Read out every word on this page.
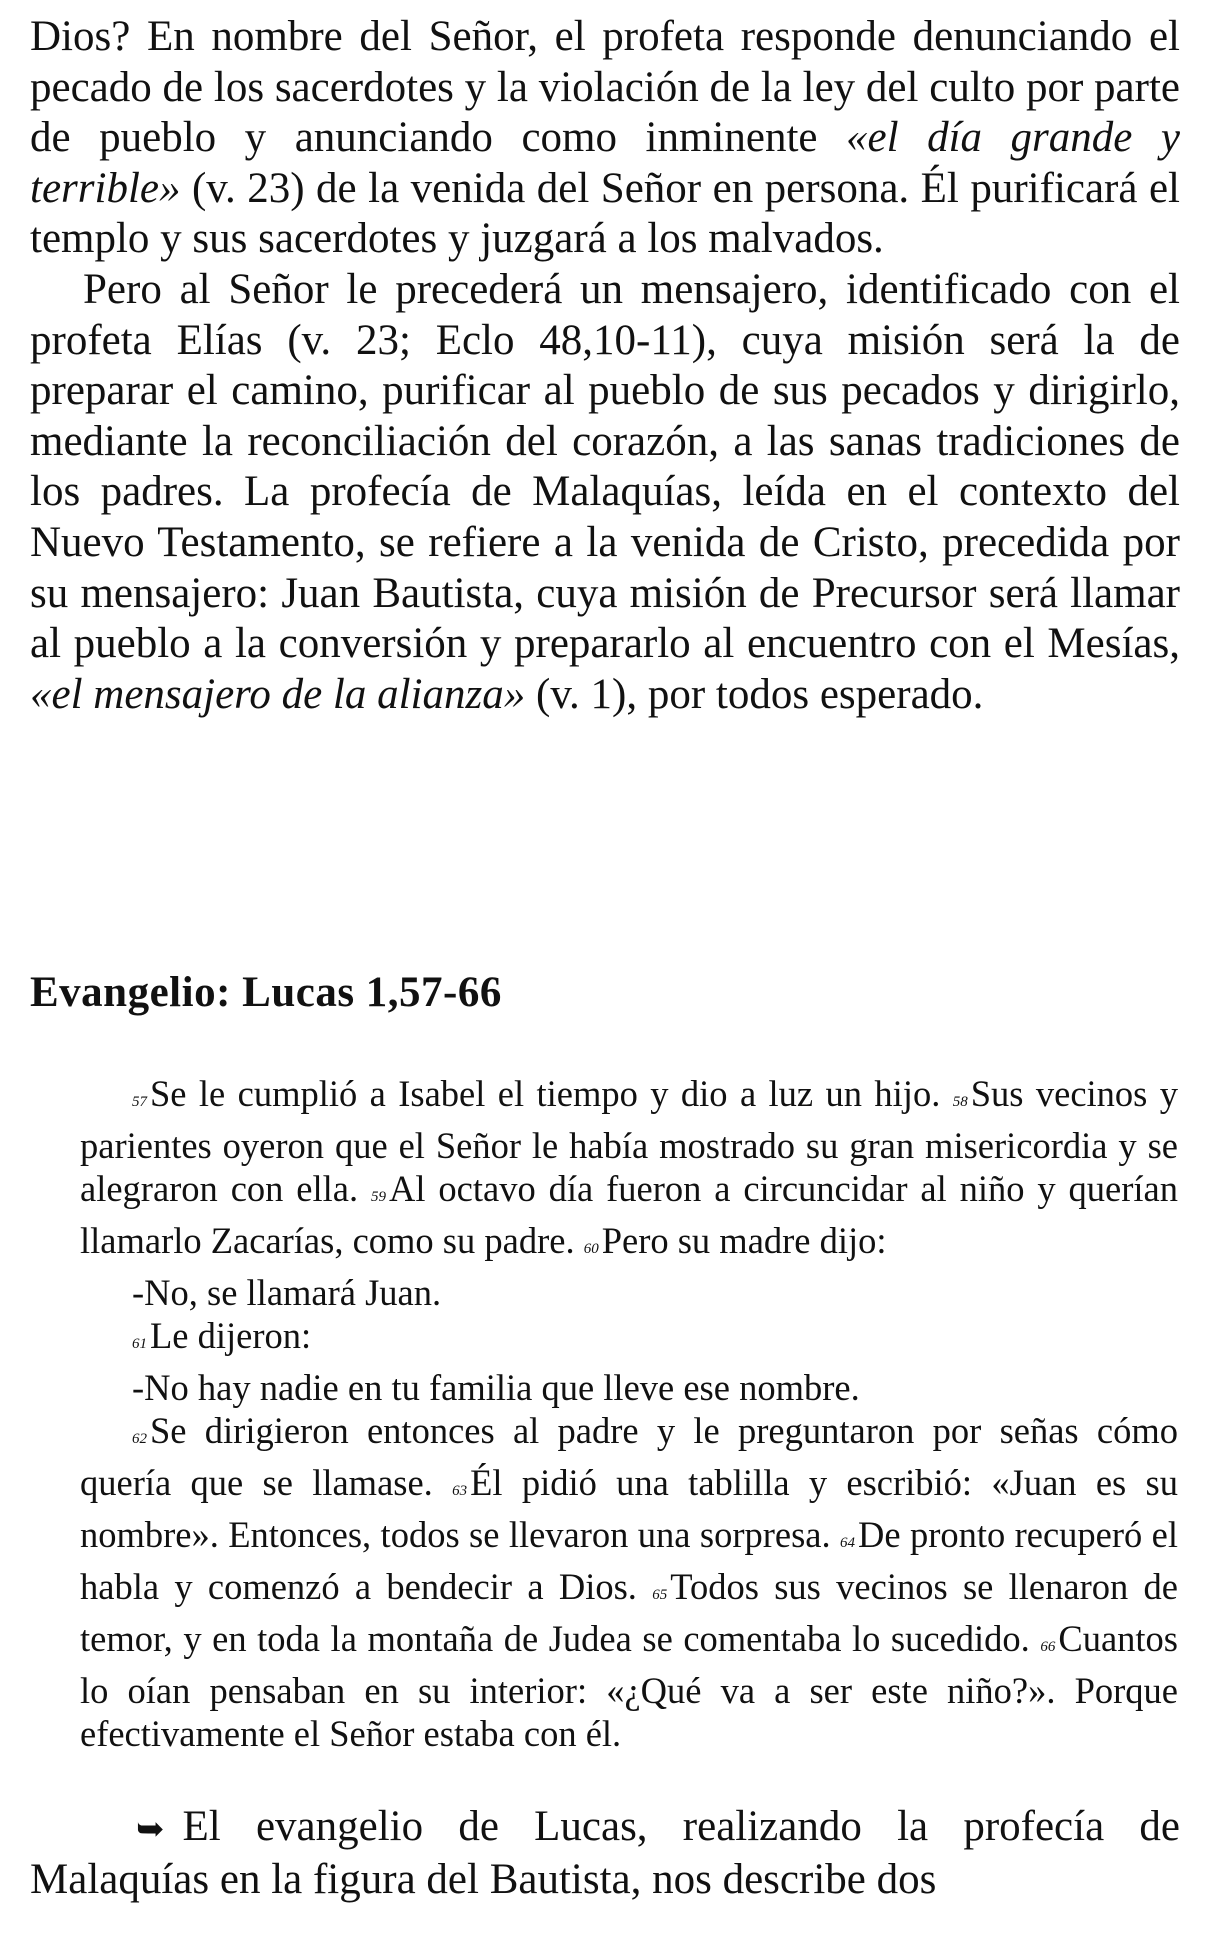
Dios? En nombre del Señor, el profeta responde denunciando el pecado de los sacerdotes y la violación de la ley del culto por parte de pueblo y anunciando como inminente «el día grande y terrible» (v. 23) de la venida del Señor en persona. Él purificará el templo y sus sacerdotes y juzgará a los malvados.

Pero al Señor le precederá un mensajero, identificado con el profeta Elías (v. 23; Eclo 48,10-11), cuya misión será la de preparar el camino, purificar al pueblo de sus pecados y dirigirlo, mediante la reconciliación del corazón, a las sanas tradiciones de los padres. La profecía de Malaquías, leída en el contexto del Nuevo Testamento, se refiere a la venida de Cristo, precedida por su mensajero: Juan Bautista, cuya misión de Precursor será llamar al pueblo a la conversión y prepararlo al encuentro con el Mesías, «el mensajero de la alianza» (v. 1), por todos esperado.

Evangelio: Lucas 1,57-66

57Se le cumplió a Isabel el tiempo y dio a luz un hijo. 58Sus vecinos y parientes oyeron que el Señor le había mostrado su gran misericordia y se alegraron con ella. 59Al octavo día fueron a circuncidar al niño y querían llamarlo Zacarías, como su padre. 60Pero su madre dijo:

-No, se llamará Juan.

61Le dijeron:

-No hay nadie en tu familia que lleve ese nombre.

62Se dirigieron entonces al padre y le preguntaron por señas cómo quería que se llamase. 63Él pidió una tablilla y escribió: «Juan es su nombre». Entonces, todos se llevaron una sorpresa. 64De pronto recuperó el habla y comenzó a bendecir a Dios. 65Todos sus vecinos se llenaron de temor, y en toda la montaña de Judea se comentaba lo sucedido. 66Cuantos lo oían pensaban en su interior: «¿Qué va a ser este niño?». Porque efectivamente el Señor estaba con él.

➥ El evangelio de Lucas, realizando la profecía de Malaquías en la figura del Bautista, nos describe dos
